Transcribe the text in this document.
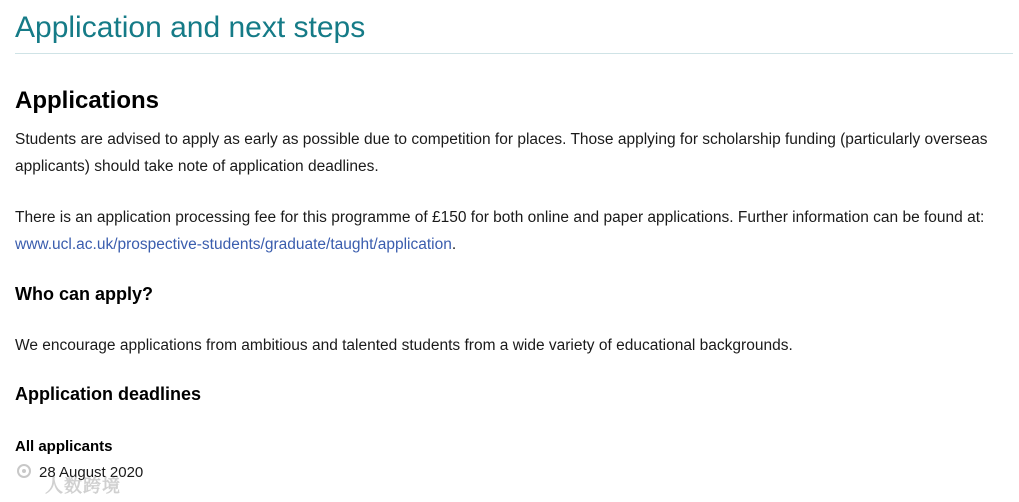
Application and next steps
Applications

Students are advised to apply as early as possible due to competition for places. Those applying for scholarship funding (particularly overseas applicants) should take note of application deadlines.

There is an application processing fee for this programme of £150 for both online and paper applications. Further information can be found at: www.ucl.ac.uk/prospective-students/graduate/taught/application.

Who can apply?

We encourage applications from ambitious and talented students from a wide variety of educational backgrounds.

Application deadlines

All applicants

28 August 2020
人数跨境
